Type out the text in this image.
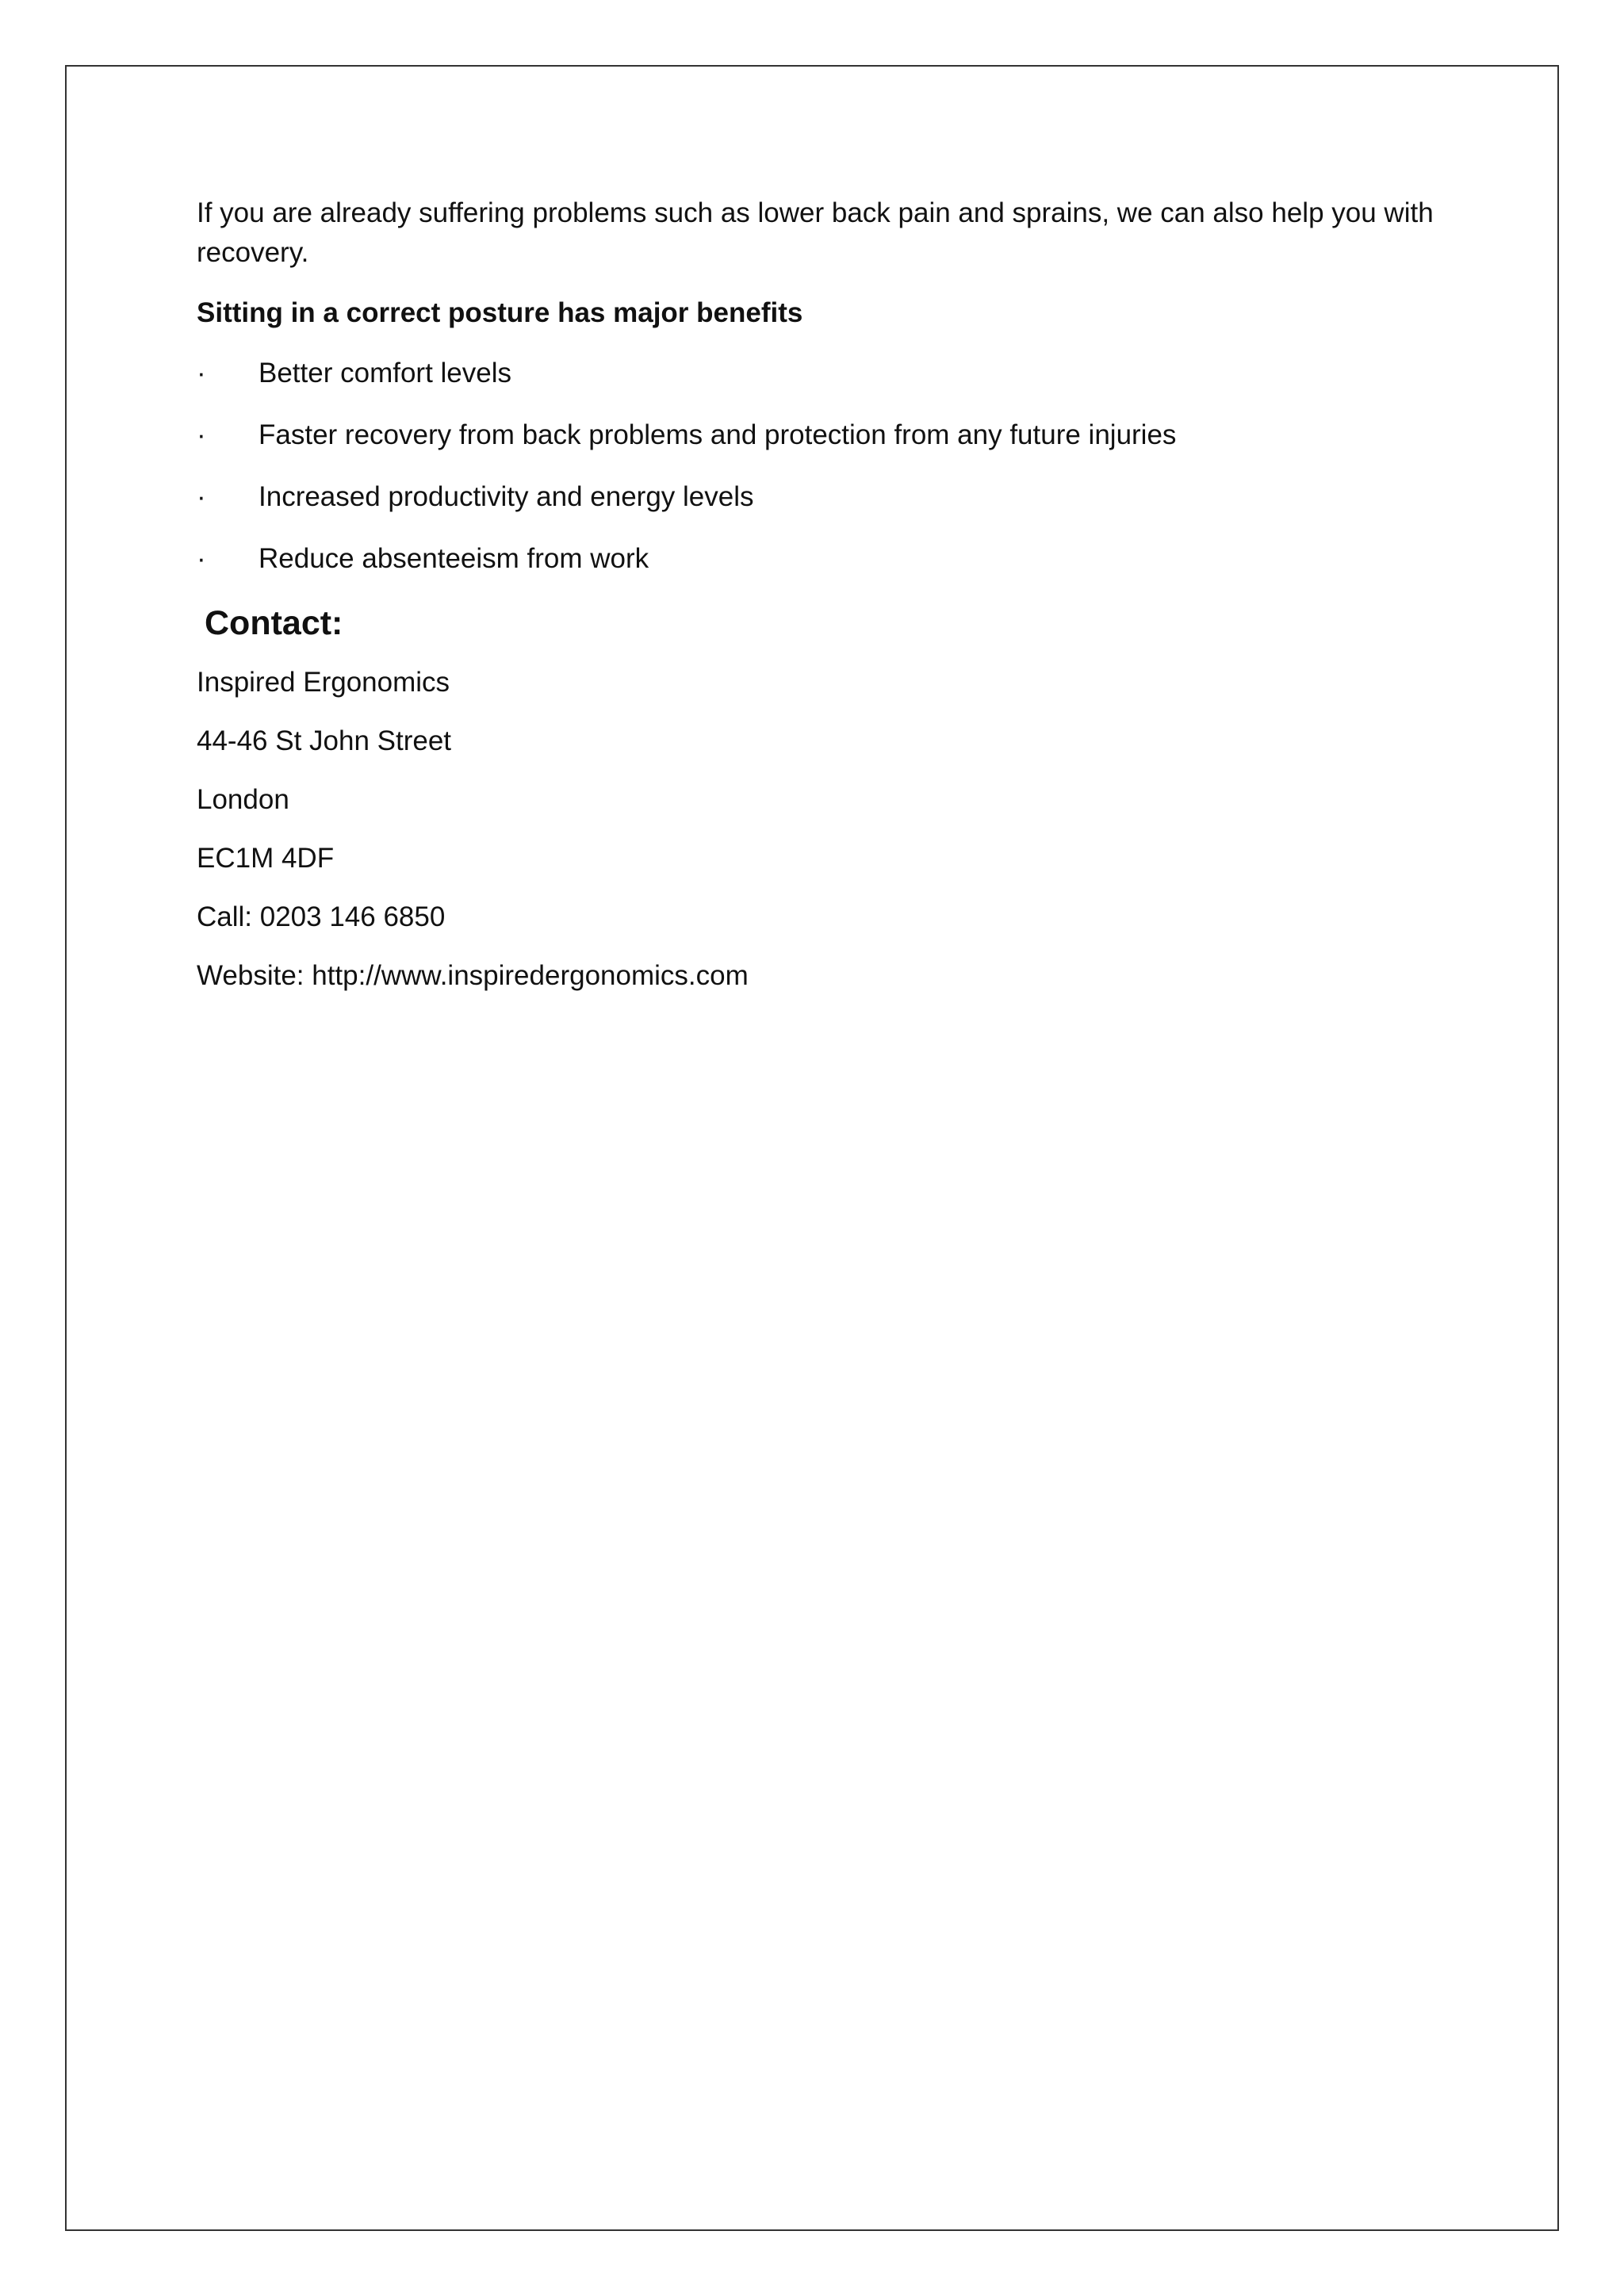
If you are already suffering problems such as lower back pain and sprains, we can also help you with recovery.

Sitting in a correct posture has major benefits

·	Better comfort levels
·	Faster recovery from back problems and protection from any future injuries
·	Increased productivity and energy levels
·	Reduce absenteeism from work
Contact:

Inspired Ergonomics

44-46 St John Street

London

EC1M 4DF

Call: 0203 146 6850

Website: http://www.inspiredergonomics.com
